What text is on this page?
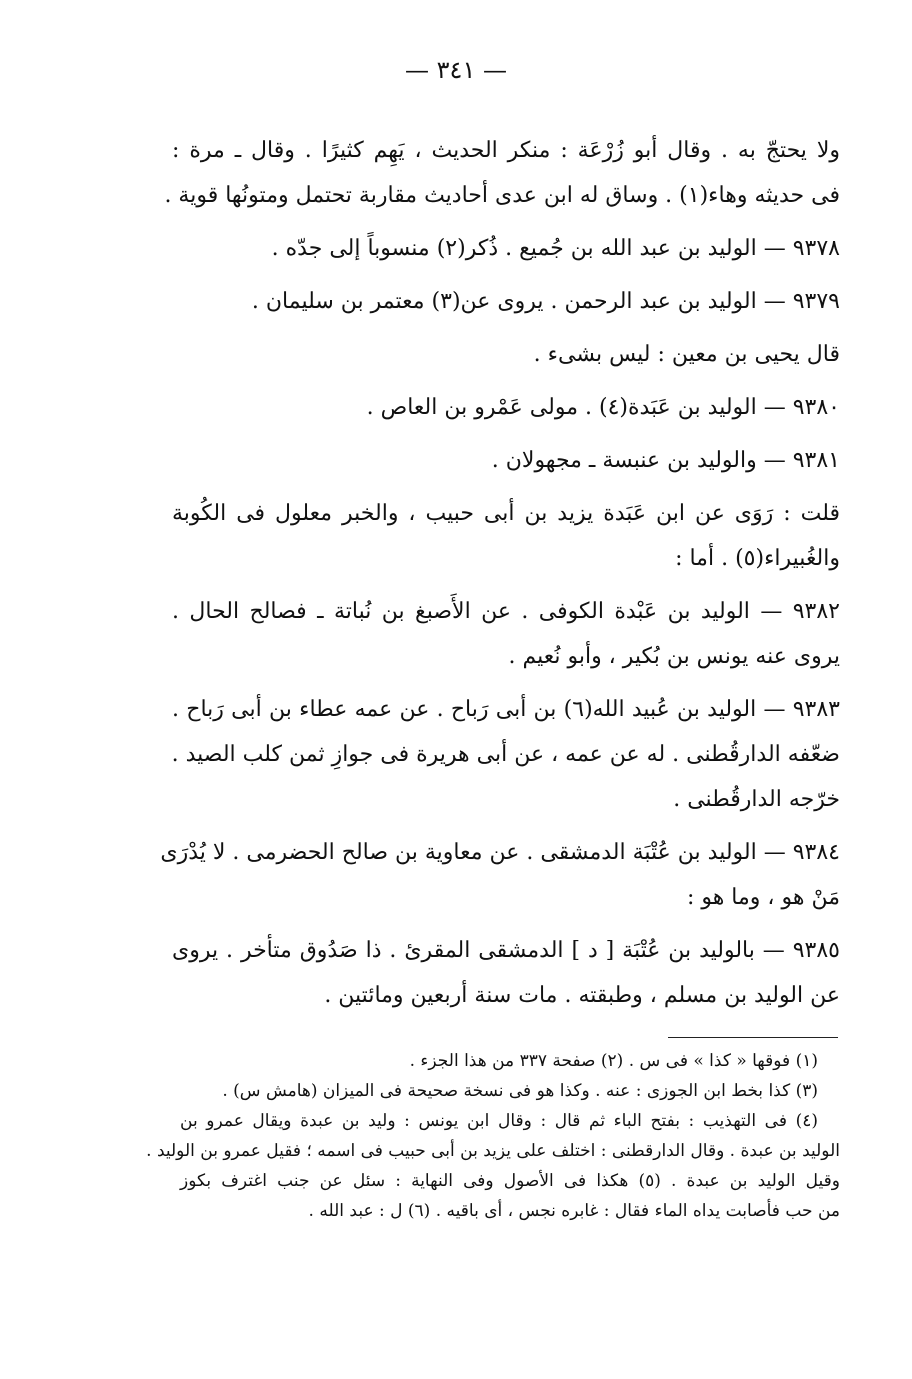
— ٣٤١ —
ولا يحتجّ به . وقال أبو زُرْعَة : منكر الحديث ، يَهِم كثيرًا . وقال ـ مرة :
فى حديثه وهاء(١) . وساق له ابن عدى أحاديث مقاربة تحتمل ومتونُها قوية .
٩٣٧٨ — الوليد بن عبد الله بن جُميع . ذُكر(٢) منسوباً إلى جدّه .
٩٣٧٩ — الوليد بن عبد الرحمن . يروى عن(٣) معتمر بن سليمان .
قال يحيى بن معين : ليس بشىء .
٩٣٨٠ — الوليد بن عَبَدة(٤) . مولى عَمْرو بن العاص .
٩٣٨١ — والوليد بن عنبسة ـ مجهولان .
قلت : رَوَى عن ابن عَبَدة يزيد بن أبى حبيب ، والخبر معلول فى الكُوبة
والغُبيراء(٥) . أما :
٩٣٨٢ — الوليد بن عَبْدة الكوفى . عن الأَصبغ بن نُباتة ـ فصالح الحال .
يروى عنه يونس بن بُكير ، وأبو نُعيم .
٩٣٨٣ — الوليد بن عُبيد الله(٦) بن أبى رَباح . عن عمه عطاء بن أبى رَباح .
ضعّفه الدارقُطنى . له عن عمه ، عن أبى هريرة فى جوازِ ثمن كلب الصيد .
خرّجه الدارقُطنى .
٩٣٨٤ — الوليد بن عُتْبَة الدمشقى . عن معاوية بن صالح الحضرمى . لا يُدْرَى
مَنْ هو ، وما هو :
٩٣٨٥ — بالوليد بن عُتْبَة [ د ] الدمشقى المقرئ . ذا صَدُوق متأخر . يروى
عن الوليد بن مسلم ، وطبقته . مات سنة أربعين ومائتين .
(١) فوقها « كذا » فى س . (٢) صفحة ٣٣٧ من هذا الجزء .
(٣) كذا بخط ابن الجوزى : عنه . وكذا هو فى نسخة صحيحة فى الميزان (هامش س) .
(٤) فى التهذيب : بفتح الباء ثم قال : وقال ابن يونس : وليد بن عبدة ويقال عمرو بن
الوليد بن عبدة . وقال الدارقطنى : اختلف على يزيد بن أبى حبيب فى اسمه ؛ فقيل عمرو بن الوليد .
وقيل الوليد بن عبدة . (٥) هكذا فى الأصول وفى النهاية : سئل عن جنب اغترف بكوز
من حب فأصابت يداه الماء فقال : غابره نجس ، أى باقيه . (٦) ل : عبد الله .
